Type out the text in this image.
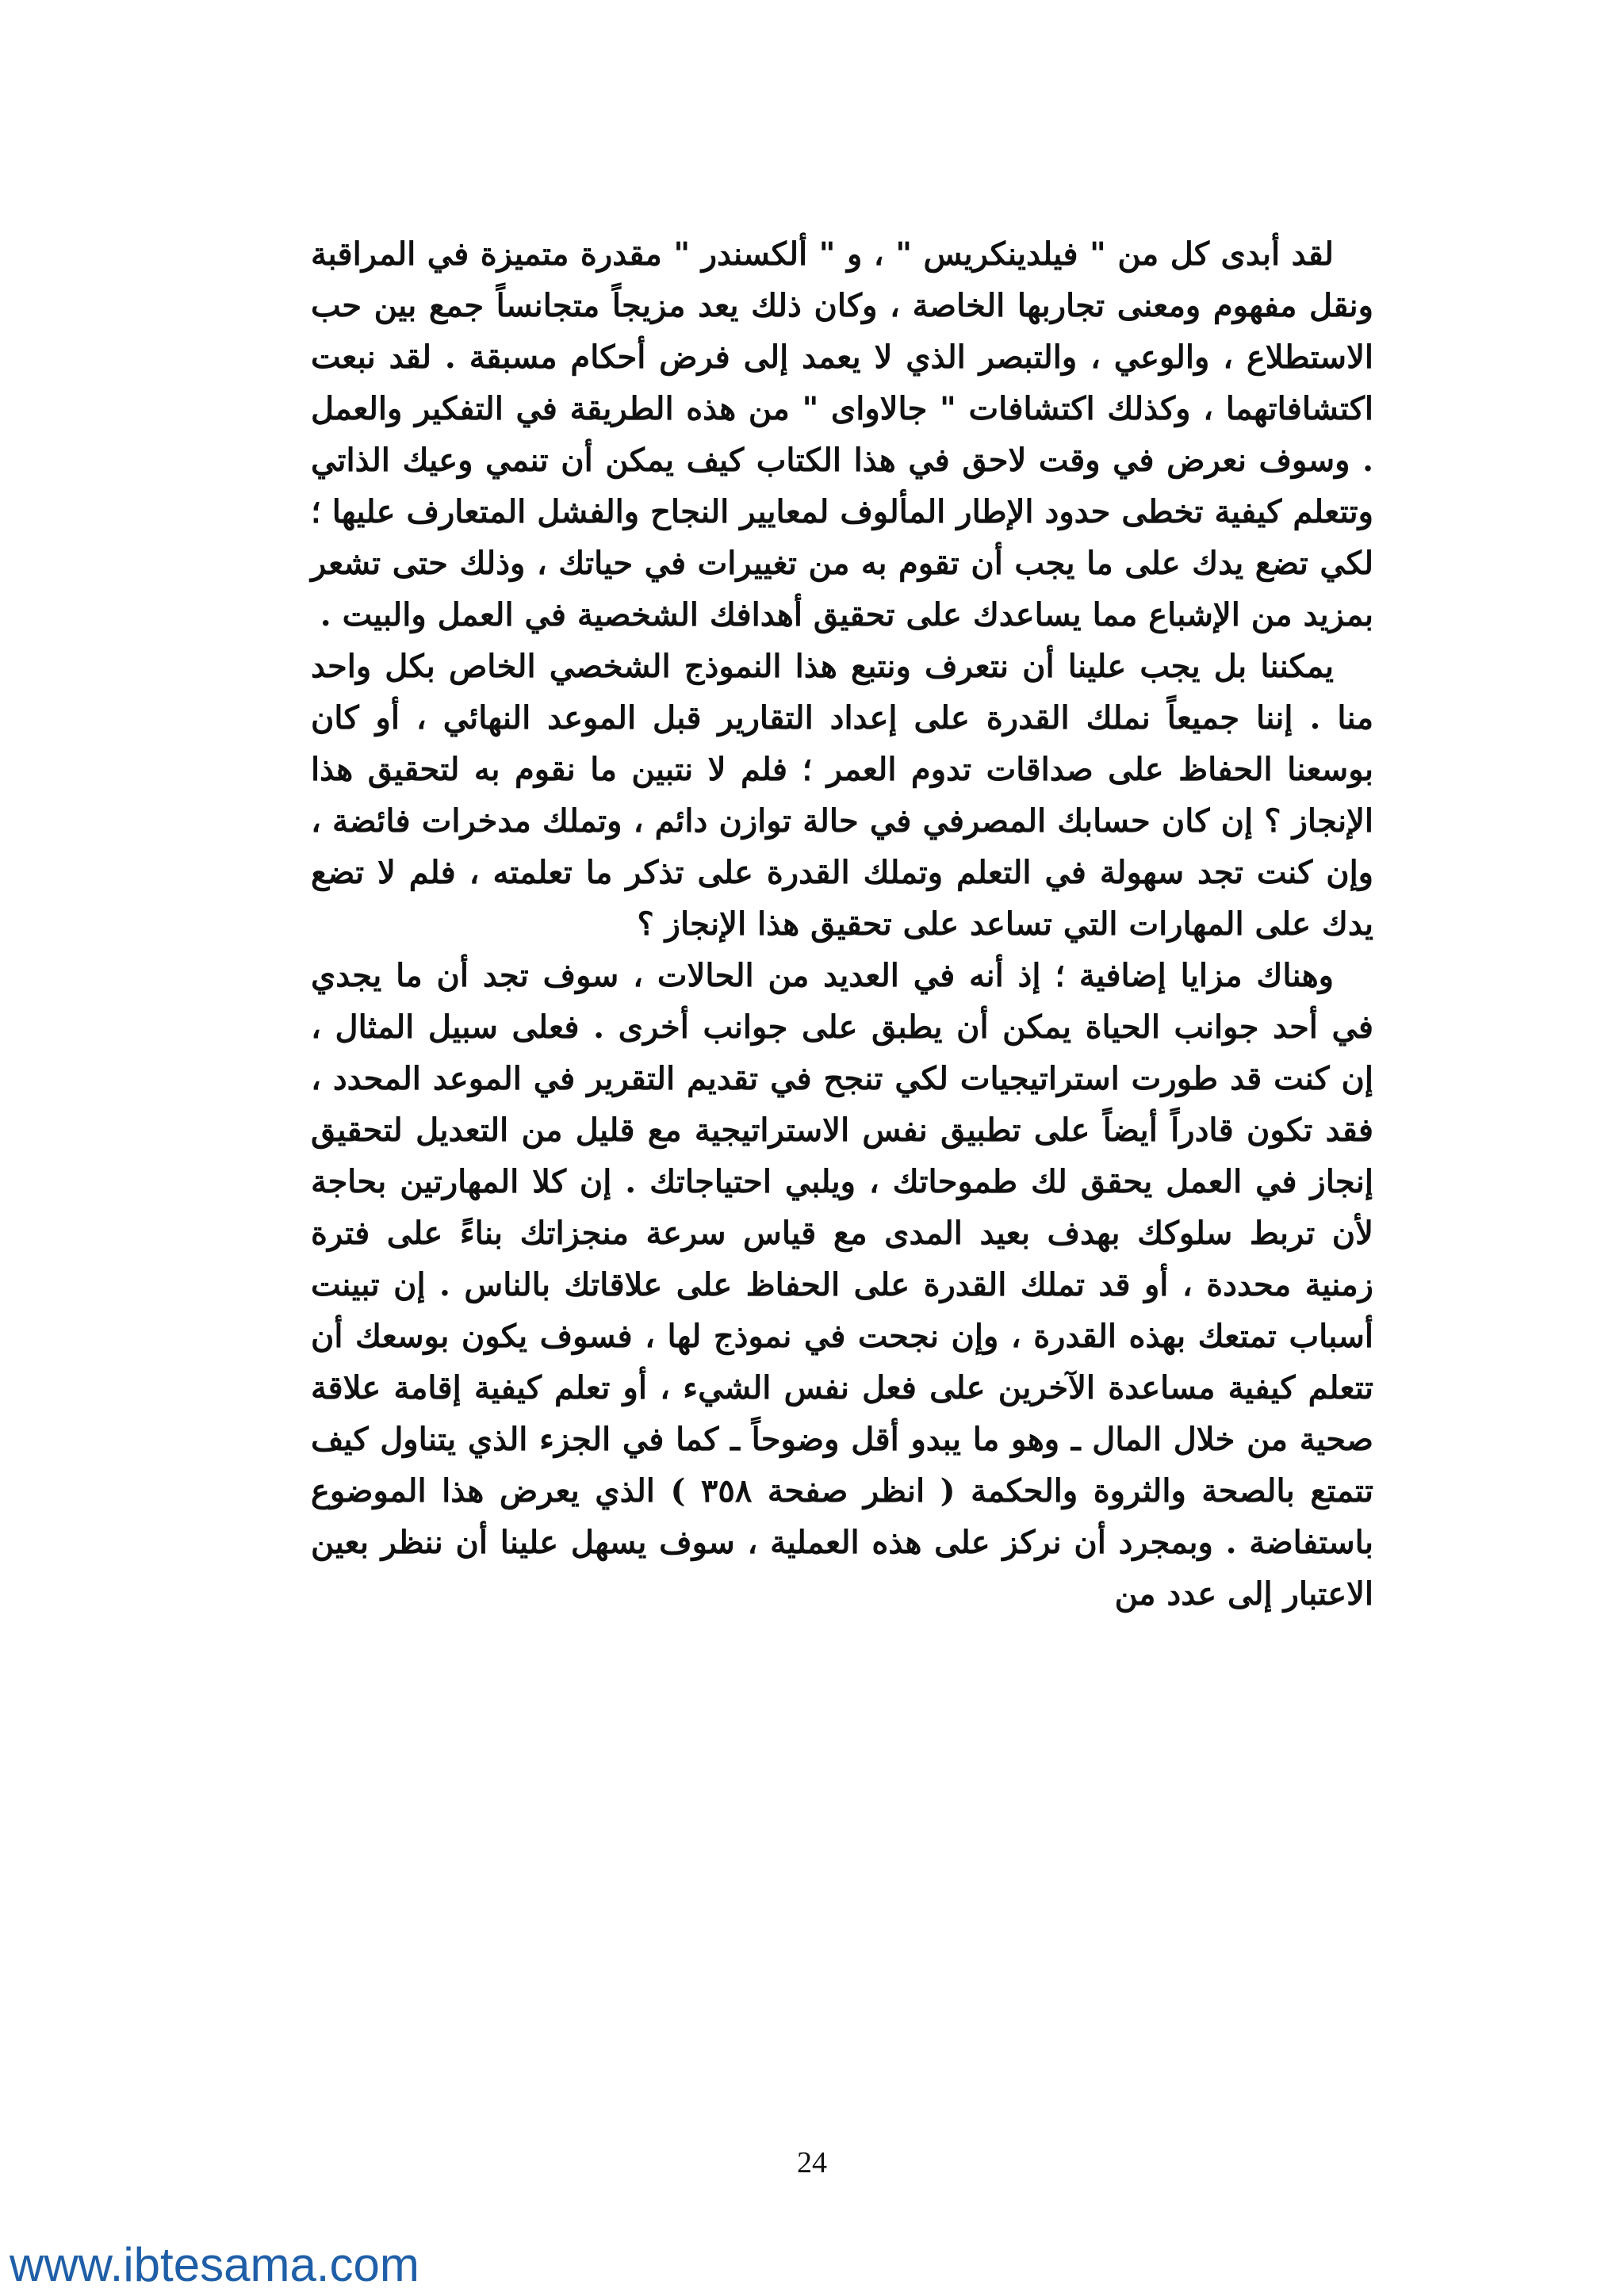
لقد أبدى كل من " فيلدينكريس " ، و " ألكسندر " مقدرة متميزة في المراقبة ونقل مفهوم ومعنى تجاربها الخاصة ، وكان ذلك يعد مزيجاً متجانساً جمع بين حب الاستطلاع ، والوعي ، والتبصر الذي لا يعمد إلى فرض أحكام مسبقة . لقد نبعت اكتشافاتهما ، وكذلك اكتشافات " جالاواى " من هذه الطريقة في التفكير والعمل . وسوف نعرض في وقت لاحق في هذا الكتاب كيف يمكن أن تنمي وعيك الذاتي وتتعلم كيفية تخطى حدود الإطار المألوف لمعايير النجاح والفشل المتعارف عليها ؛ لكي تضع يدك على ما يجب أن تقوم به من تغييرات في حياتك ، وذلك حتى تشعر بمزيد من الإشباع مما يساعدك على تحقيق أهدافك الشخصية في العمل والبيت .

يمكننا بل يجب علينا أن نتعرف ونتبع هذا النموذج الشخصي الخاص بكل واحد منا . إننا جميعاً نملك القدرة على إعداد التقارير قبل الموعد النهائي ، أو كان بوسعنا الحفاظ على صداقات تدوم العمر ؛ فلم لا نتبين ما نقوم به لتحقيق هذا الإنجاز ؟ إن كان حسابك المصرفي في حالة توازن دائم ، وتملك مدخرات فائضة ، وإن كنت تجد سهولة في التعلم وتملك القدرة على تذكر ما تعلمته ، فلم لا تضع يدك على المهارات التي تساعد على تحقيق هذا الإنجاز ؟

وهناك مزايا إضافية ؛ إذ أنه في العديد من الحالات ، سوف تجد أن ما يجدي في أحد جوانب الحياة يمكن أن يطبق على جوانب أخرى . فعلى سبيل المثال ، إن كنت قد طورت استراتيجيات لكي تنجح في تقديم التقرير في الموعد المحدد ، فقد تكون قادراً أيضاً على تطبيق نفس الاستراتيجية مع قليل من التعديل لتحقيق إنجاز في العمل يحقق لك طموحاتك ، ويلبي احتياجاتك . إن كلا المهارتين بحاجة لأن تربط سلوكك بهدف بعيد المدى مع قياس سرعة منجزاتك بناءً على فترة زمنية محددة ، أو قد تملك القدرة على الحفاظ على علاقاتك بالناس . إن تبينت أسباب تمتعك بهذه القدرة ، وإن نجحت في نموذج لها ، فسوف يكون بوسعك أن تتعلم كيفية مساعدة الآخرين على فعل نفس الشيء ، أو تعلم كيفية إقامة علاقة صحية من خلال المال ـ وهو ما يبدو أقل وضوحاً ـ كما في الجزء الذي يتناول كيف تتمتع بالصحة والثروة والحكمة ( انظر صفحة ٣٥٨ ) الذي يعرض هذا الموضوع باستفاضة . وبمجرد أن نركز على هذه العملية ، سوف يسهل علينا أن ننظر بعين الاعتبار إلى عدد من

24
www.ibtesama.com
